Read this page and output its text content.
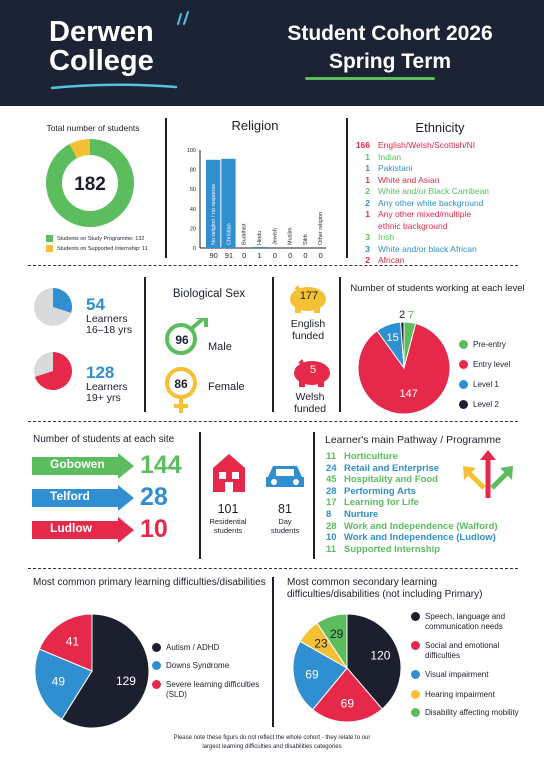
Derwen
College
Student Cohort 2026
Spring Term
Total number of students
182
Students on Study Programme: 132
Students on Supported Internship: 11
Religion
0
20
40
60
80
100
No religion / no response
90
Christian
91
Buddhist
0
Hindu
1
Jewish
0
Muslim
0
Sikh
0
Other religion
0
Ethnicity
166 English/Welsh/Scottish/NI
1 Indian
1 Pakistani
1 White and Asian
2 White and/or Black Carribean
2 Any other white background
1 Any other mixed/multiple
ethnic background
3 Irish
3 White and/or black African
2 African
54
Learners
16–18 yrs
128
Learners
19+ yrs
Biological Sex
96	Male
86	Female
177
English
funded
5
Welsh
funded
Number of students working at each level
7
147
15
2
Pre-entry
Entry level
Level 1
Level 2
Number of students at each site
Gobowen 144
Telford 28
Ludlow 10
101
Residential
students
81
Day
students
Learner's main Pathway / Programme
11 Horticulture
24 Retail and Enterprise
45 Hospitality and Food
28 Performing Arts
17 Learning for Life
8 Nurture
28 Work and Independence (Walford)
10 Work and Independence (Ludlow)
11 Supported Internship
Most common primary learning difficulties/disabilities
129
49
41	Autism / ADHD
Downs Syndrome
Severe learning difficulties (SLD)
Most common secondary learning difficulties/disabilities (not including Primary)
120
69
69
23
29
Speech, language and communication needs
Social and emotional difficulties
Visual impairment
Hearing impairment
Disability affecting mobility
Please note these figurs do not reflect the whole cohort - they relate to our
largest learning difficulties and disabilities categories
